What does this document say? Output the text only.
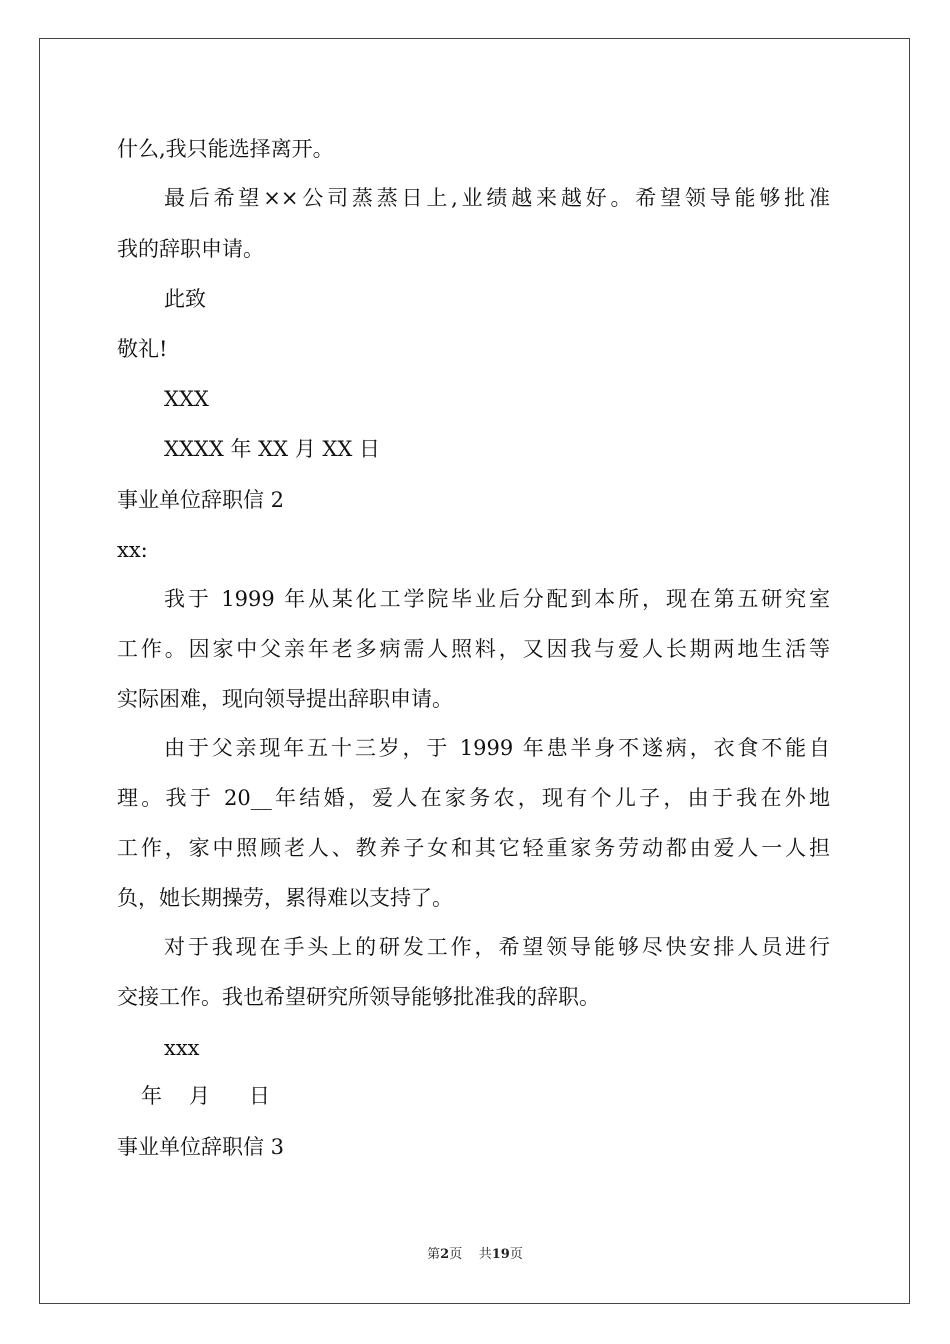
什么,我只能选择离开。
最后希望××公司蒸蒸日上,业绩越来越好。希望领导能够批准
我的辞职申请。
此致
敬礼!
XXX
XXXX 年 XX 月 XX 日
事业单位辞职信 2
xx:
我于 1999 年从某化工学院毕业后分配到本所，现在第五研究室
工作。因家中父亲年老多病需人照料，又因我与爱人长期两地生活等
实际困难，现向领导提出辞职申请。
由于父亲现年五十三岁，于 1999 年患半身不遂病，衣食不能自
理。我于 20__年结婚，爱人在家务农，现有个儿子，由于我在外地
工作，家中照顾老人、教养子女和其它轻重家务劳动都由爱人一人担
负，她长期操劳，累得难以支持了。
对于我现在手头上的研发工作，希望领导能够尽快安排人员进行
交接工作。我也希望研究所领导能够批准我的辞职。
xxx
年 月 日
事业单位辞职信 3
第2页 共19页
